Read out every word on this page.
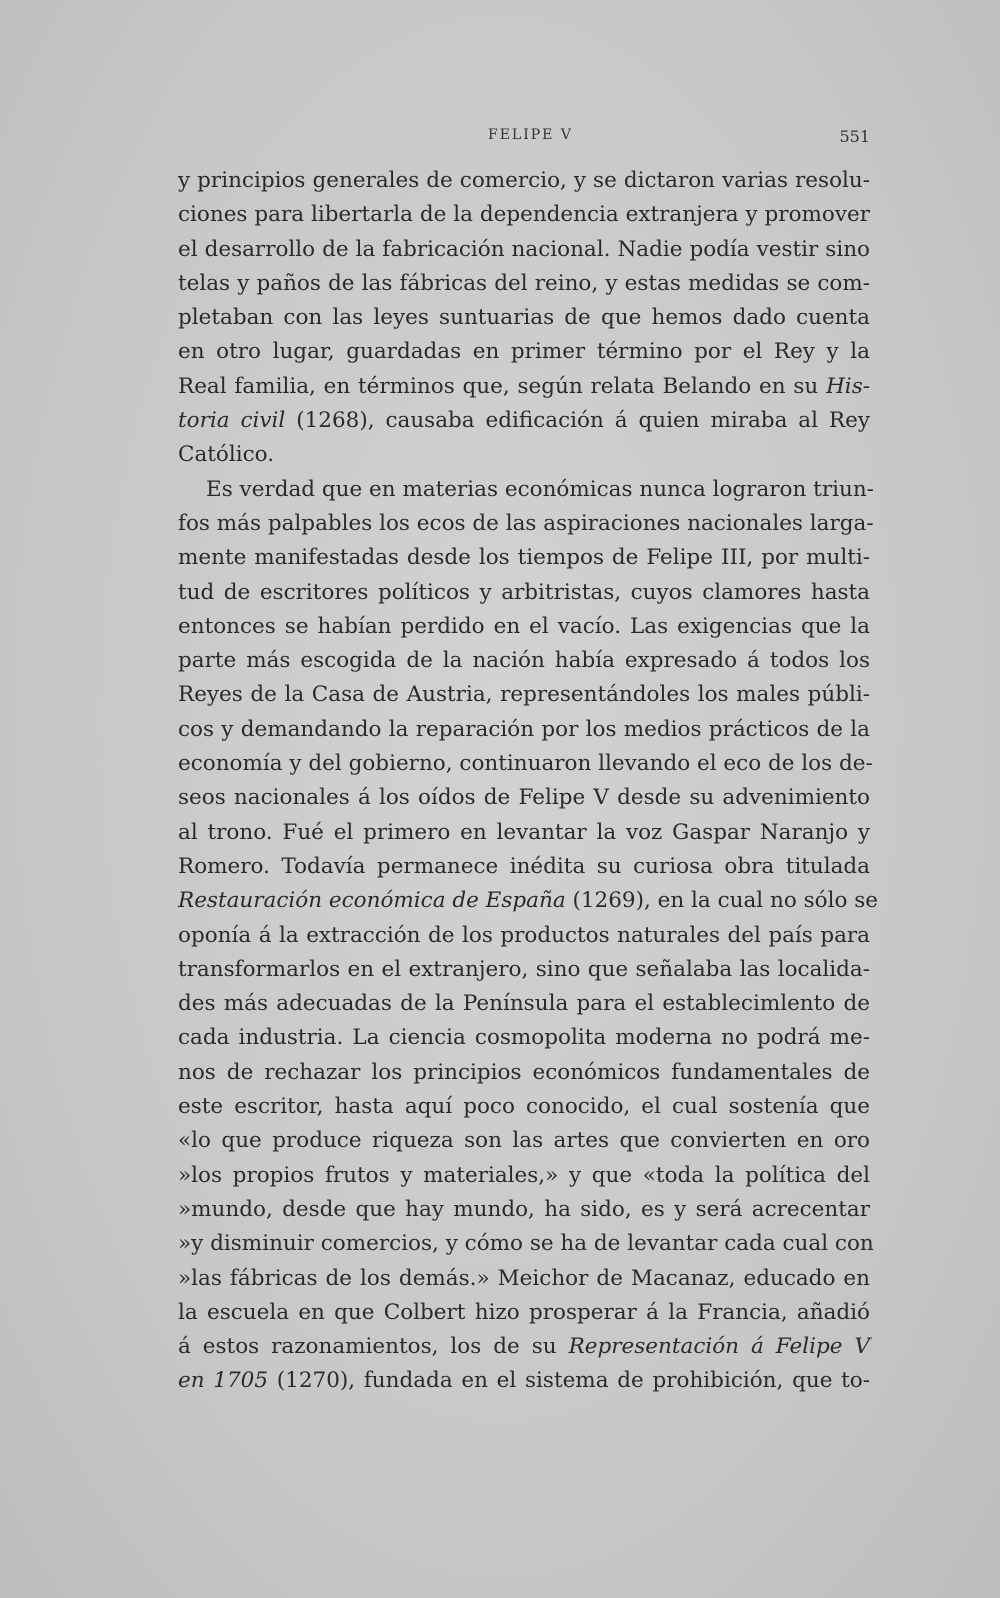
FELIPE V	551
y principios generales de comercio, y se dictaron varias resolu-
ciones para libertarla de la dependencia extranjera y promover
el desarrollo de la fabricación nacional. Nadie podía vestir sino
telas y paños de las fábricas del reino, y estas medidas se com-
pletaban con las leyes suntuarias de que hemos dado cuenta
en otro lugar, guardadas en primer término por el Rey y la
Real familia, en términos que, según relata Belando en su His-
toria civil (1268), causaba edificación á quien miraba al Rey
Católico.
Es verdad que en materias económicas nunca lograron triun-
fos más palpables los ecos de las aspiraciones nacionales larga-
mente manifestadas desde los tiempos de Felipe III, por multi-
tud de escritores políticos y arbitristas, cuyos clamores hasta
entonces se habían perdido en el vacío. Las exigencias que la
parte más escogida de la nación había expresado á todos los
Reyes de la Casa de Austria, representándoles los males públi-
cos y demandando la reparación por los medios prácticos de la
economía y del gobierno, continuaron llevando el eco de los de-
seos nacionales á los oídos de Felipe V desde su advenimiento
al trono. Fué el primero en levantar la voz Gaspar Naranjo y
Romero. Todavía permanece inédita su curiosa obra titulada
Restauración económica de España (1269), en la cual no sólo se
oponía á la extracción de los productos naturales del país para
transformarlos en el extranjero, sino que señalaba las localida-
des más adecuadas de la Península para el establecimlento de
cada industria. La ciencia cosmopolita moderna no podrá me-
nos de rechazar los principios económicos fundamentales de
este escritor, hasta aquí poco conocido, el cual sostenía que
«lo que produce riqueza son las artes que convierten en oro
»los propios frutos y materiales,» y que «toda la política del
»mundo, desde que hay mundo, ha sido, es y será acrecentar
»y disminuir comercios, y cómo se ha de levantar cada cual con
»las fábricas de los demás.» Meichor de Macanaz, educado en
la escuela en que Colbert hizo prosperar á la Francia, añadió
á estos razonamientos, los de su Representación á Felipe V
en 1705 (1270), fundada en el sistema de prohibición, que to-
